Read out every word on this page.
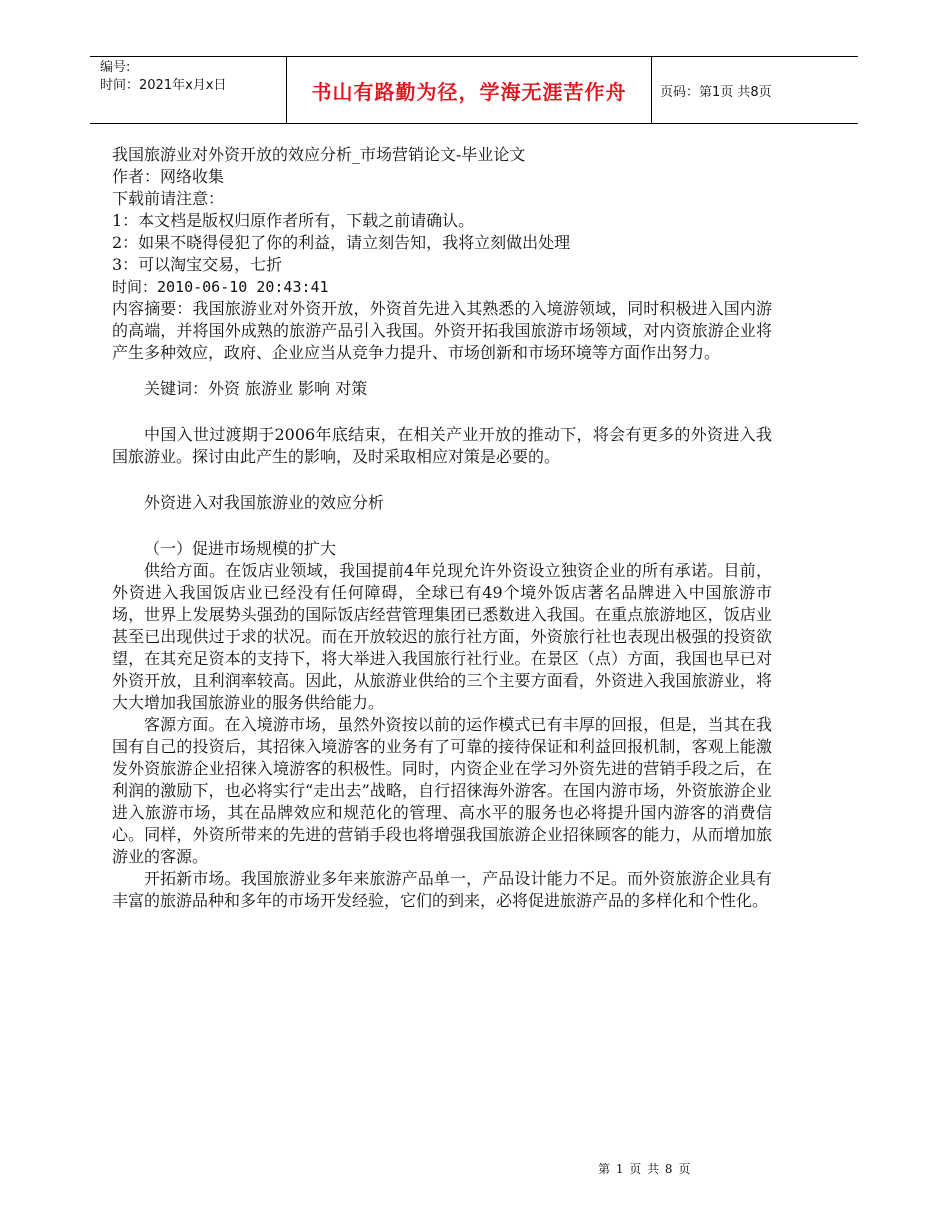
编号:
时间：2021年x月x日	书山有路勤为径，学海无涯苦作舟	页码：第1页 共8页

我国旅游业对外资开放的效应分析_市场营销论文-毕业论文

作者：网络收集

下载前请注意：

1：本文档是版权归原作者所有，下载之前请确认。

2：如果不晓得侵犯了你的利益，请立刻告知，我将立刻做出处理

3：可以淘宝交易，七折

时间：2010-06-10 20:43:41

内容摘要：我国旅游业对外资开放，外资首先进入其熟悉的入境游领域，同时积极进入国内游的高端，并将国外成熟的旅游产品引入我国。外资开拓我国旅游市场领域，对内资旅游企业将产生多种效应，政府、企业应当从竞争力提升、市场创新和市场环境等方面作出努力。

关键词：外资 旅游业 影响 对策

中国入世过渡期于2006年底结束，在相关产业开放的推动下，将会有更多的外资进入我国旅游业。探讨由此产生的影响，及时采取相应对策是必要的。

外资进入对我国旅游业的效应分析

（一）促进市场规模的扩大

供给方面。在饭店业领域，我国提前4年兑现允许外资设立独资企业的所有承诺。目前，外资进入我国饭店业已经没有任何障碍，全球已有49个境外饭店著名品牌进入中国旅游市场，世界上发展势头强劲的国际饭店经营管理集团已悉数进入我国。在重点旅游地区，饭店业甚至已出现供过于求的状况。而在开放较迟的旅行社方面，外资旅行社也表现出极强的投资欲望，在其充足资本的支持下，将大举进入我国旅行社行业。在景区（点）方面，我国也早已对外资开放，且利润率较高。因此，从旅游业供给的三个主要方面看，外资进入我国旅游业，将大大增加我国旅游业的服务供给能力。

客源方面。在入境游市场，虽然外资按以前的运作模式已有丰厚的回报，但是，当其在我国有自己的投资后，其招徕入境游客的业务有了可靠的接待保证和利益回报机制，客观上能激发外资旅游企业招徕入境游客的积极性。同时，内资企业在学习外资先进的营销手段之后，在利润的激励下，也必将实行“走出去”战略，自行招徕海外游客。在国内游市场，外资旅游企业进入旅游市场，其在品牌效应和规范化的管理、高水平的服务也必将提升国内游客的消费信心。同样，外资所带来的先进的营销手段也将增强我国旅游企业招徕顾客的能力，从而增加旅游业的客源。

开拓新市场。我国旅游业多年来旅游产品单一，产品设计能力不足。而外资旅游企业具有丰富的旅游品种和多年的市场开发经验，它们的到来，必将促进旅游产品的多样化和个性化。

第 1 页 共 8 页
